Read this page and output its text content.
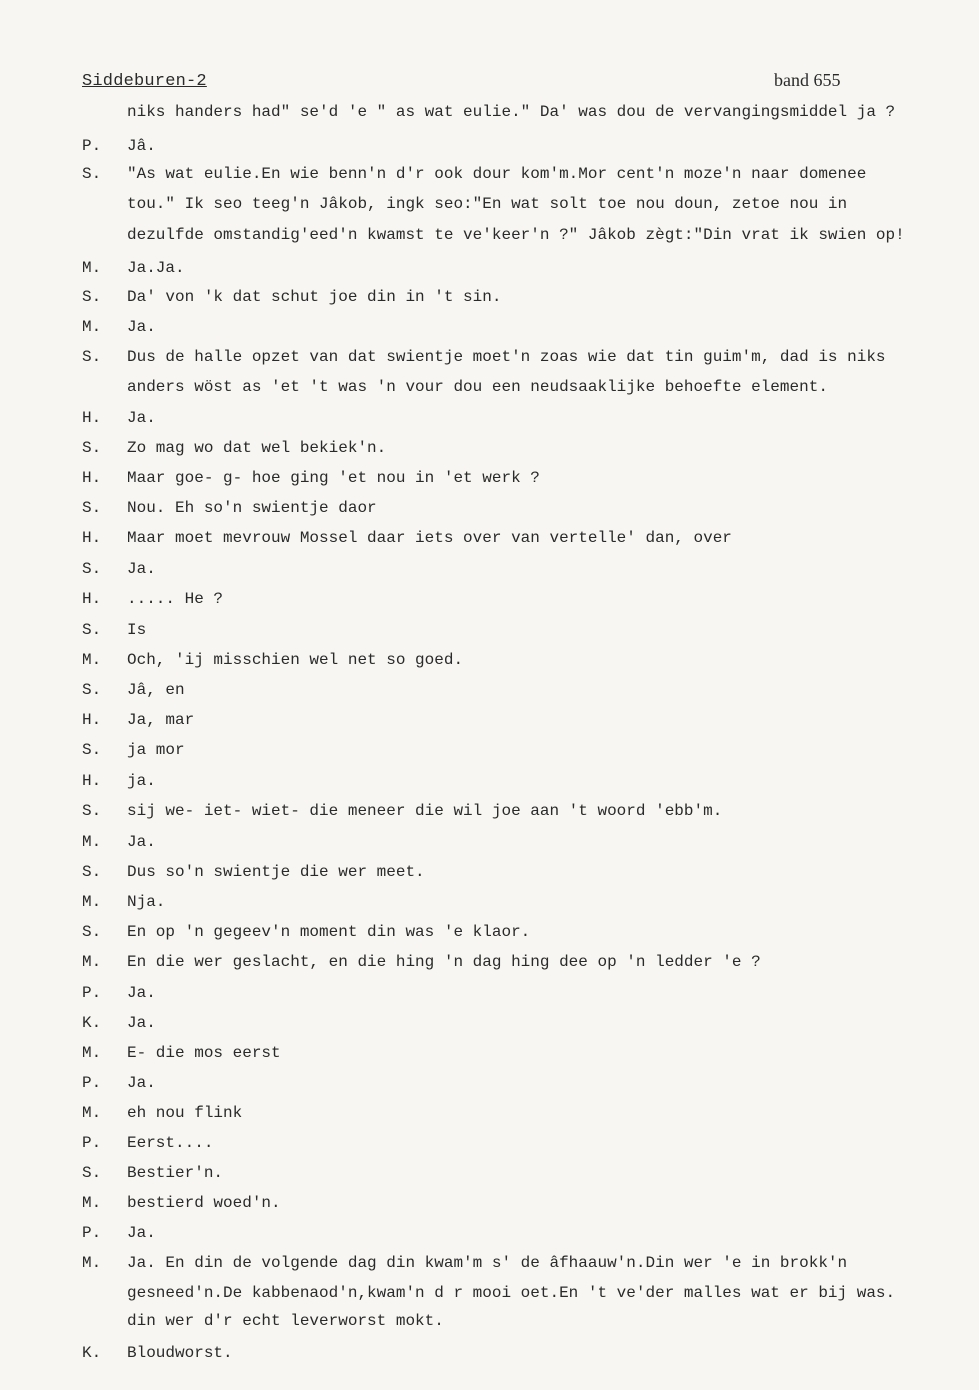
Siddeburen-2	band 655
niks handers had" se'd 'e " as wat eulie." Da' was dou de vervangingsmiddel ja ?
P.	Jâ.
S.	"As wat eulie.En wie benn'n d'r ook dour kom'm.Mor cent'n moze'n naar domenee
tou." Ik seo teeg'n Jâkob, ingk seo:"En wat solt toe nou doun, zetoe nou in
dezulfde omstandig'eed'n kwamst te ve'keer'n ?" Jâkob zègt:"Din vrat ik swien op!
M.	Ja.Ja.
S.	Da' von 'k dat schut joe din in 't sin.
M.	Ja.
S.	Dus de halle opzet van dat swientje moet'n zoas wie dat tin guim'm, dad is niks
anders wöst as 'et 't was 'n vour dou een neudsaaklijke behoefte element.
H.	Ja.
S.	Zo mag wo dat wel bekiek'n.
H.	Maar goe- g- hoe ging 'et nou in 'et werk ?
S.	Nou. Eh so'n swientje daor
H.	Maar moet mevrouw Mossel daar iets over van vertelle' dan, over
S.	Ja.
H.	..... He ?
S.	Is
M.	Och, 'ij misschien wel net so goed.
S.	Jâ, en
H.	Ja, mar
S.	ja mor
H.	ja.
S.	sij we- iet- wiet- die meneer die wil joe aan 't woord 'ebb'm.
M.	Ja.
S.	Dus so'n swientje die wer meet.
M.	Nja.
S.	En op 'n gegeev'n moment din was 'e klaor.
M.	En die wer geslacht, en die hing 'n dag hing dee op 'n ledder 'e ?
P.	Ja.
K.	Ja.
M.	E- die mos eerst
P.	Ja.
M.	eh nou flink
P.	Eerst....
S.	Bestier'n.
M.	bestierd woed'n.
P.	Ja.
M.	Ja. En din de volgende dag din kwam'm s' de âfhaauw'n.Din wer 'e in brokk'n
gesneed'n.De kabbenaod'n,kwam'n d r mooi oet.En 't ve'der malles wat er bij was.
din wer d'r echt leverworst mokt.
K.	Bloudworst.
